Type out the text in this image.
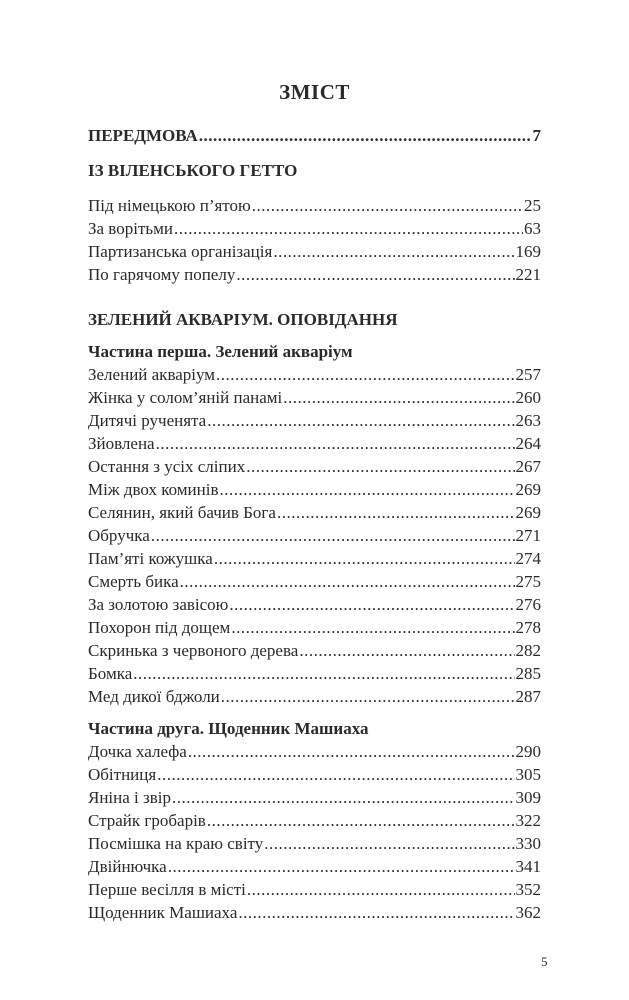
ЗМІСТ
ПЕРЕДМОВА .....	7
ІЗ ВІЛЕНСЬКОГО ГЕТТО
Під німецькою п’ятою .....	25
За ворітьми .....	63
Партизанська організація .....	169
По гарячому попелу .....	221
ЗЕЛЕНИЙ АКВАРІУМ. ОПОВІДАННЯ
Частина перша. Зелений акваріум
Зелений акваріум .....	257
Жінка у солом’яній панамі .....	260
Дитячі рученята .....	263
Зйовлена .....	264
Остання з усіх сліпих .....	267
Між двох коминів .....	269
Селянин, який бачив Бога .....	269
Обручка .....	271
Пам’яті кожушка .....	274
Смерть бика .....	275
За золотою завісою .....	276
Похорон під дощем .....	278
Скринька з червоного дерева .....	282
Бомка .....	285
Мед дикої бджоли .....	287
Частина друга. Щоденник Машиаха
Дочка халефа .....	290
Обітниця .....	305
Яніна і звір .....	309
Страйк гробарів .....	322
Посмішка на краю світу .....	330
Двійнючка .....	341
Перше весілля в місті .....	352
Щоденник Машиаха .....	362
5
